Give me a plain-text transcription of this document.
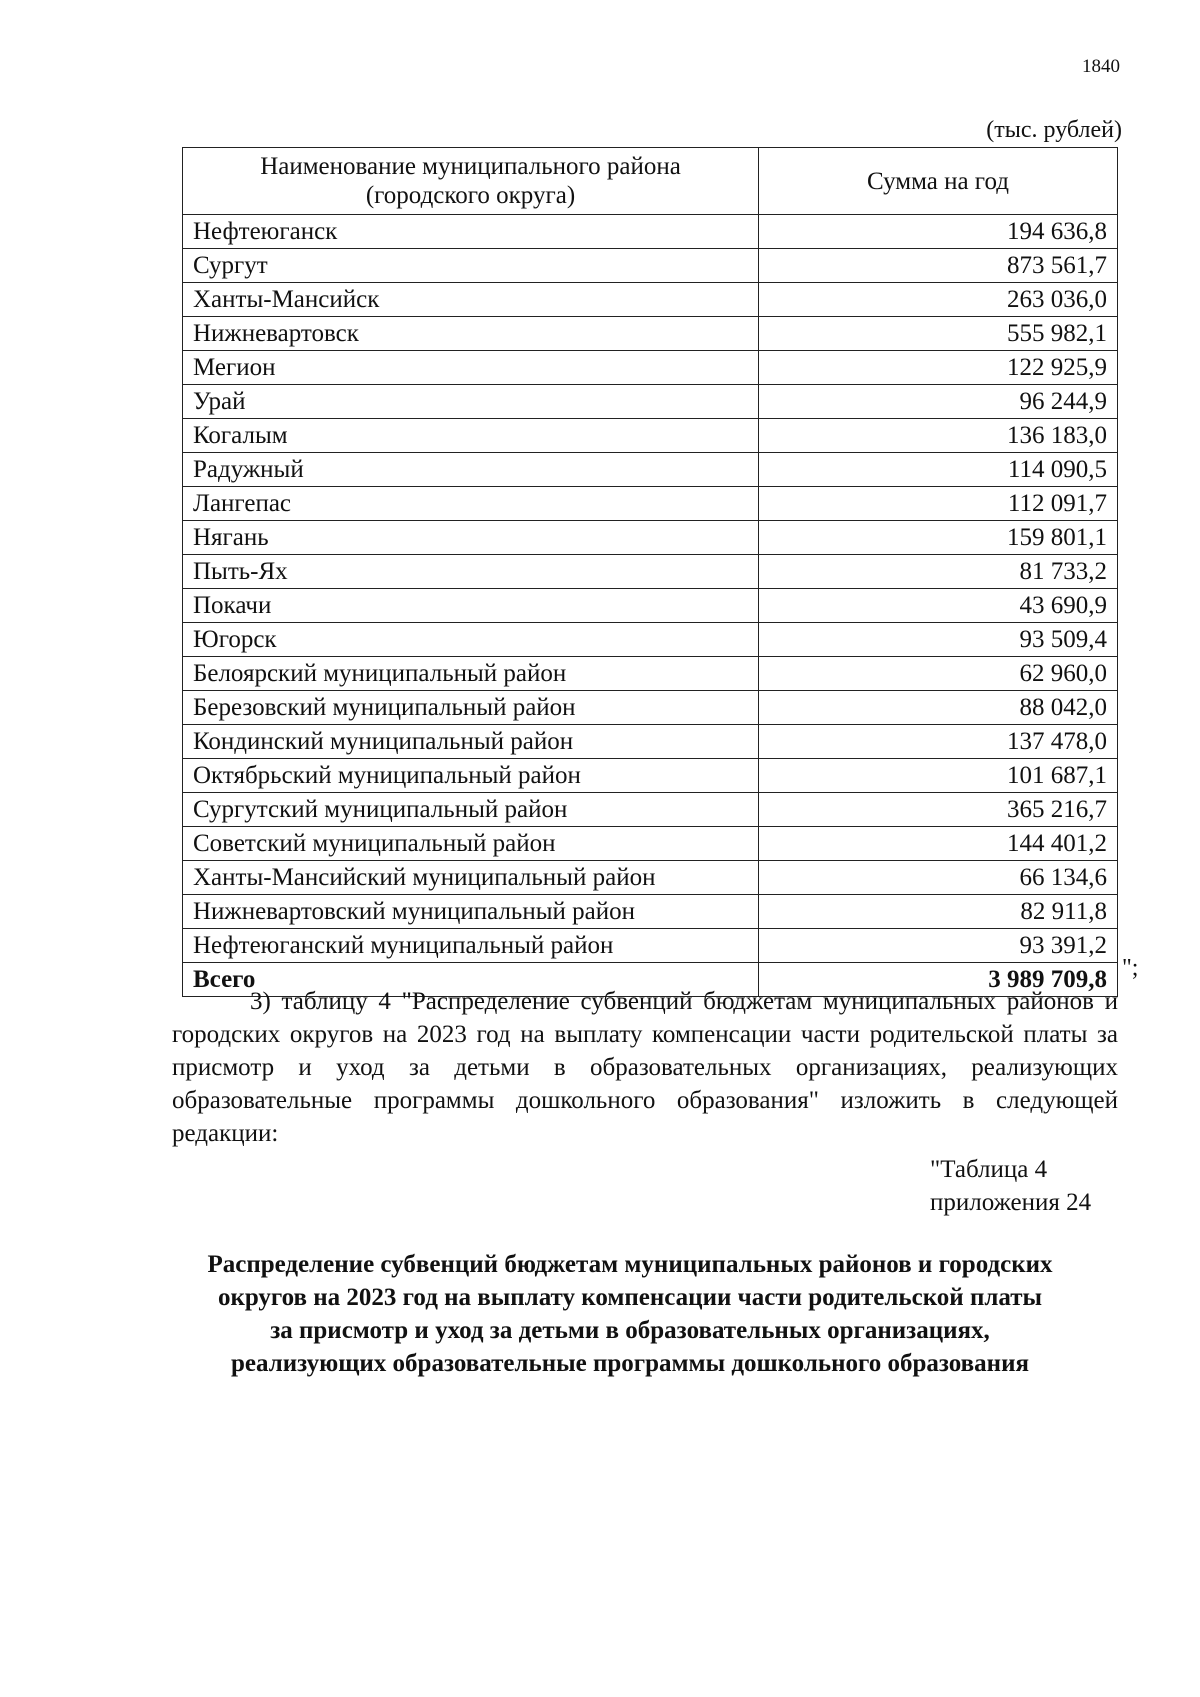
1840
(тыс. рублей)
Наименование муниципального района
(городского округа)	Сумма на год
Нефтеюганск	194 636,8
Сургут	873 561,7
Ханты-Мансийск	263 036,0
Нижневартовск	555 982,1
Мегион	122 925,9
Урай	96 244,9
Когалым	136 183,0
Радужный	114 090,5
Лангепас	112 091,7
Нягань	159 801,1
Пыть-Ях	81 733,2
Покачи	43 690,9
Югорск	93 509,4
Белоярский муниципальный район	62 960,0
Березовский муниципальный район	88 042,0
Кондинский муниципальный район	137 478,0
Октябрьский муниципальный район	101 687,1
Сургутский муниципальный район	365 216,7
Советский муниципальный район	144 401,2
Ханты-Мансийский муниципальный район	66 134,6
Нижневартовский муниципальный район	82 911,8
Нефтеюганский муниципальный район	93 391,2
Всего	3 989 709,8 ";
3) таблицу 4 "Распределение субвенций бюджетам муниципальных районов и городских округов на 2023 год на выплату компенсации части родительской платы за присмотр и уход за детьми в образовательных организациях, реализующих образовательные программы дошкольного образования" изложить в следующей редакции:
"Таблица 4
приложения 24
Распределение субвенций бюджетам муниципальных районов и городских
округов на 2023 год на выплату компенсации части родительской платы
за присмотр и уход за детьми в образовательных организациях,
реализующих образовательные программы дошкольного образования
